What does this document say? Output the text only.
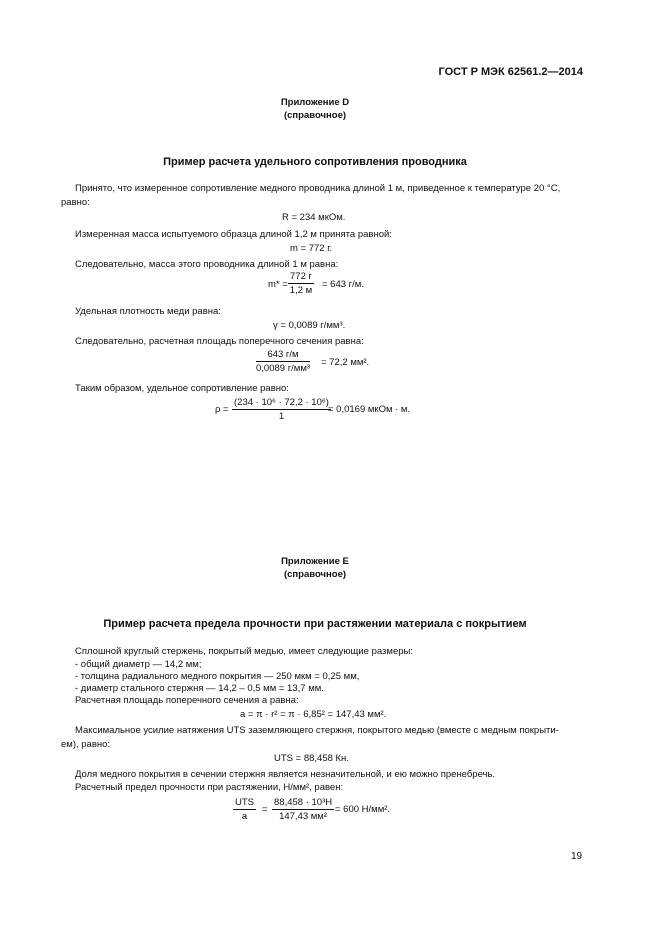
ГОСТ Р МЭК 62561.2—2014
Приложение D
(справочное)
Пример расчета удельного сопротивления проводника
Принято, что измеренное сопротивление медного проводника длиной 1 м, приведенное к температуре 20 °C,
равно:
R = 234 мкОм.
Измеренная масса испытуемого образца длиной 1,2 м принята равной:
m = 772 г.
Следовательно, масса этого проводника длиной 1 м равна:
m* =
772 г
1,2 м
= 643 г/м.
Удельная плотность меди равна:
γ = 0,0089 г/мм³.
Следовательно, расчетная площадь поперечного сечения равна:
643 г/м
0,0089 г/мм³
= 72,2 мм².
Таким образом, удельное сопротивление равно:
$\rho = \frac{\text{(234 · 10⁶ · 72,2 · 10⁶)}}{1}$
= 0,0169 мкОм · м.
Приложение E
(справочное)
Пример расчета предела прочности при растяжении материала с покрытием
Сплошной круглый стержень, покрытый медью, имеет следующие размеры:
- общий диаметр — 14,2 мм;
- толщина радиального медного покрытия — 250 мкм = 0,25 мм,
- диаметр стального стержня — 14,2 – 0,5 мм = 13,7 мм.
Расчетная площадь поперечного сечения a равна:
a = π · r² = π · 6,85² = 147,43 мм².
Максимальное усилие натяжения UTS заземляющего стержня, покрытого медью (вместе с медным покрыти-
ем), равно:
UTS = 88,458 Кн.
Доля медного покрытия в сечении стержня является незначительной, и ею можно пренебречь.
Расчетный предел прочности при растяжении, Н/мм², равен:
UTS
a
=
88,458 · 10³H
147,43 мм²
= 600 Н/мм².
19
